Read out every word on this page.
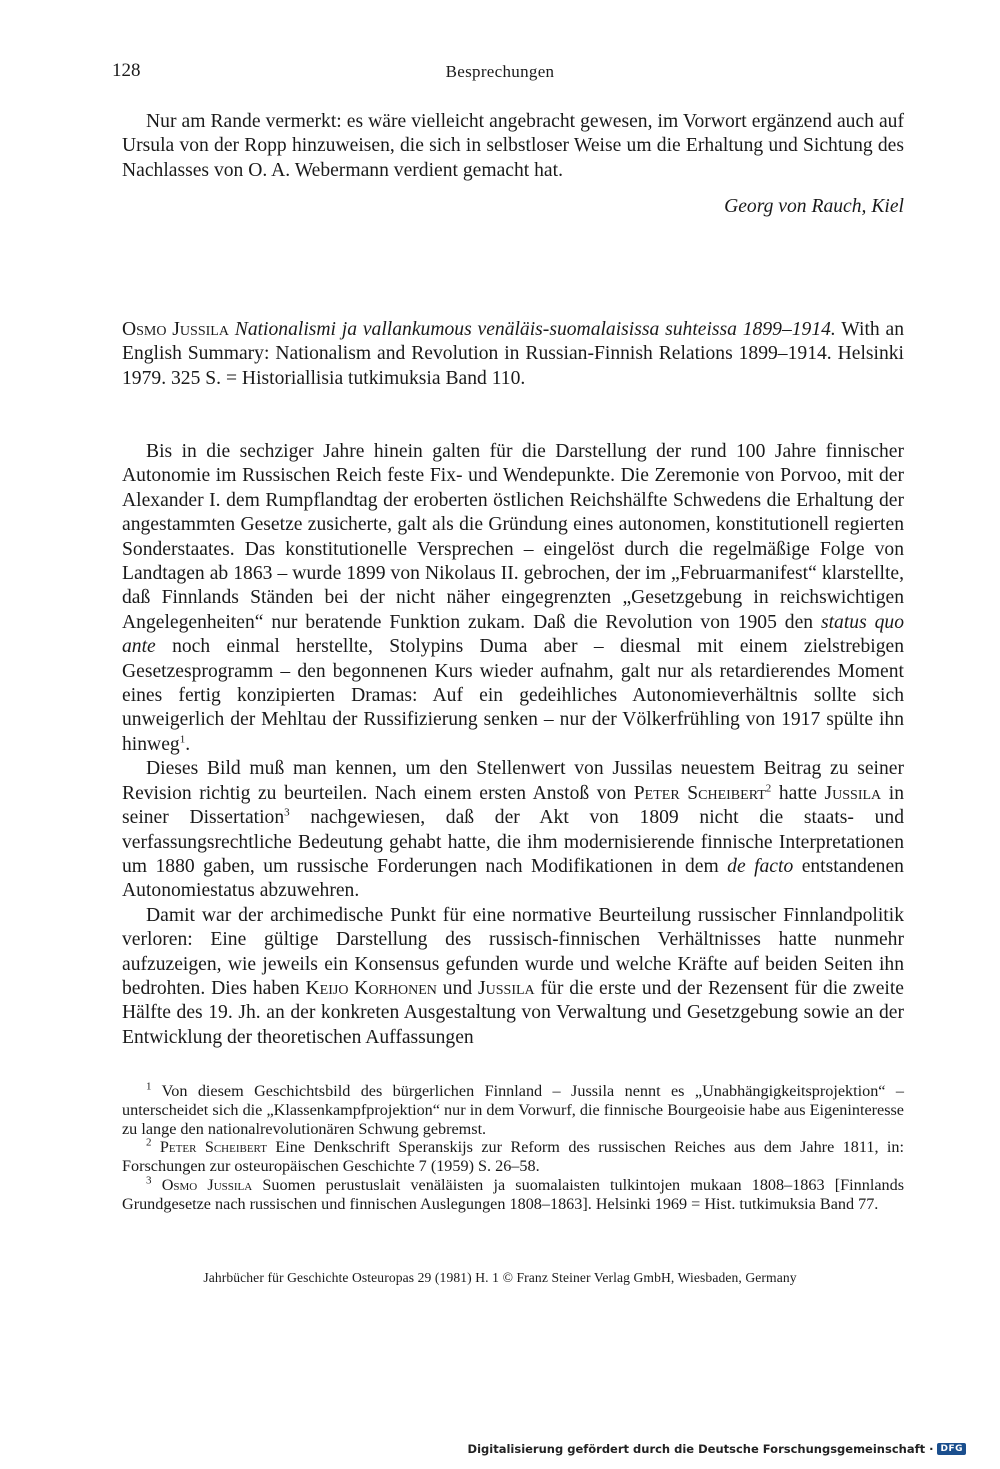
128	Besprechungen

Nur am Rande vermerkt: es wäre vielleicht angebracht gewesen, im Vorwort ergänzend auch auf Ursula von der Ropp hinzuweisen, die sich in selbstloser Weise um die Erhaltung und Sichtung des Nachlasses von O. A. Webermann verdient gemacht hat.

Georg von Rauch, Kiel
Osmo Jussila Nationalismi ja vallankumous venäläis-suomalaisissa suhteissa 1899–1914. With an English Summary: Nationalism and Revolution in Russian-Finnish Relations 1899–1914. Helsinki 1979. 325 S. = Historiallisia tutkimuksia Band 110.

Bis in die sechziger Jahre hinein galten für die Darstellung der rund 100 Jahre finnischer Autonomie im Russischen Reich feste Fix- und Wendepunkte. Die Zeremonie von Porvoo, mit der Alexander I. dem Rumpflandtag der eroberten östlichen Reichshälfte Schwedens die Erhaltung der angestammten Gesetze zusicherte, galt als die Gründung eines autonomen, konstitutionell regierten Sonderstaates. Das konstitutionelle Versprechen – eingelöst durch die regelmäßige Folge von Landtagen ab 1863 – wurde 1899 von Nikolaus II. gebrochen, der im „Februarmanifest“ klarstellte, daß Finnlands Ständen bei der nicht näher eingegrenzten „Gesetzgebung in reichswichtigen Angelegenheiten“ nur beratende Funktion zukam. Daß die Revolution von 1905 den status quo ante noch einmal herstellte, Stolypins Duma aber – diesmal mit einem zielstrebigen Gesetzesprogramm – den begonnenen Kurs wieder aufnahm, galt nur als retardierendes Moment eines fertig konzipierten Dramas: Auf ein gedeihliches Autonomieverhältnis sollte sich unweigerlich der Mehltau der Russifizierung senken – nur der Völkerfrühling von 1917 spülte ihn hinweg$^1$.

Dieses Bild muß man kennen, um den Stellenwert von Jussilas neuestem Beitrag zu seiner Revision richtig zu beurteilen. Nach einem ersten Anstoß von Peter Scheibert$^2$ hatte Jussila in seiner Dissertation$^3$ nachgewiesen, daß der Akt von 1809 nicht die staats- und verfassungsrechtliche Bedeutung gehabt hatte, die ihm modernisierende finnische Interpretationen um 1880 gaben, um russische Forderungen nach Modifikationen in dem de facto entstandenen Autonomiestatus abzuwehren.

Damit war der archimedische Punkt für eine normative Beurteilung russischer Finnlandpolitik verloren: Eine gültige Darstellung des russisch-finnischen Verhältnisses hatte nunmehr aufzuzeigen, wie jeweils ein Konsensus gefunden wurde und welche Kräfte auf beiden Seiten ihn bedrohten. Dies haben Keijo Korhonen und Jussila für die erste und der Rezensent für die zweite Hälfte des 19. Jh. an der konkreten Ausgestaltung von Verwaltung und Gesetzgebung sowie an der Entwicklung der theoretischen Auffassungen

$^1$ Von diesem Geschichtsbild des bürgerlichen Finnland – Jussila nennt es „Unabhängigkeitsprojektion“ – unterscheidet sich die „Klassenkampfprojektion“ nur in dem Vorwurf, die finnische Bourgeoisie habe aus Eigeninteresse zu lange den nationalrevolutionären Schwung gebremst.

$^2$ Peter Scheibert Eine Denkschrift Speranskijs zur Reform des russischen Reiches aus dem Jahre 1811, in: Forschungen zur osteuropäischen Geschichte 7 (1959) S. 26–58.

$^3$ Osmo Jussila Suomen perustuslait venäläisten ja suomalaisten tulkintojen mukaan 1808–1863 [Finnlands Grundgesetze nach russischen und finnischen Auslegungen 1808–1863]. Helsinki 1969 = Hist. tutkimuksia Band 77.

Jahrbücher für Geschichte Osteuropas 29 (1981) H. 1 © Franz Steiner Verlag GmbH, Wiesbaden, Germany
Digitalisierung gefördert durch die Deutsche Forschungsgemeinschaft · DFG
